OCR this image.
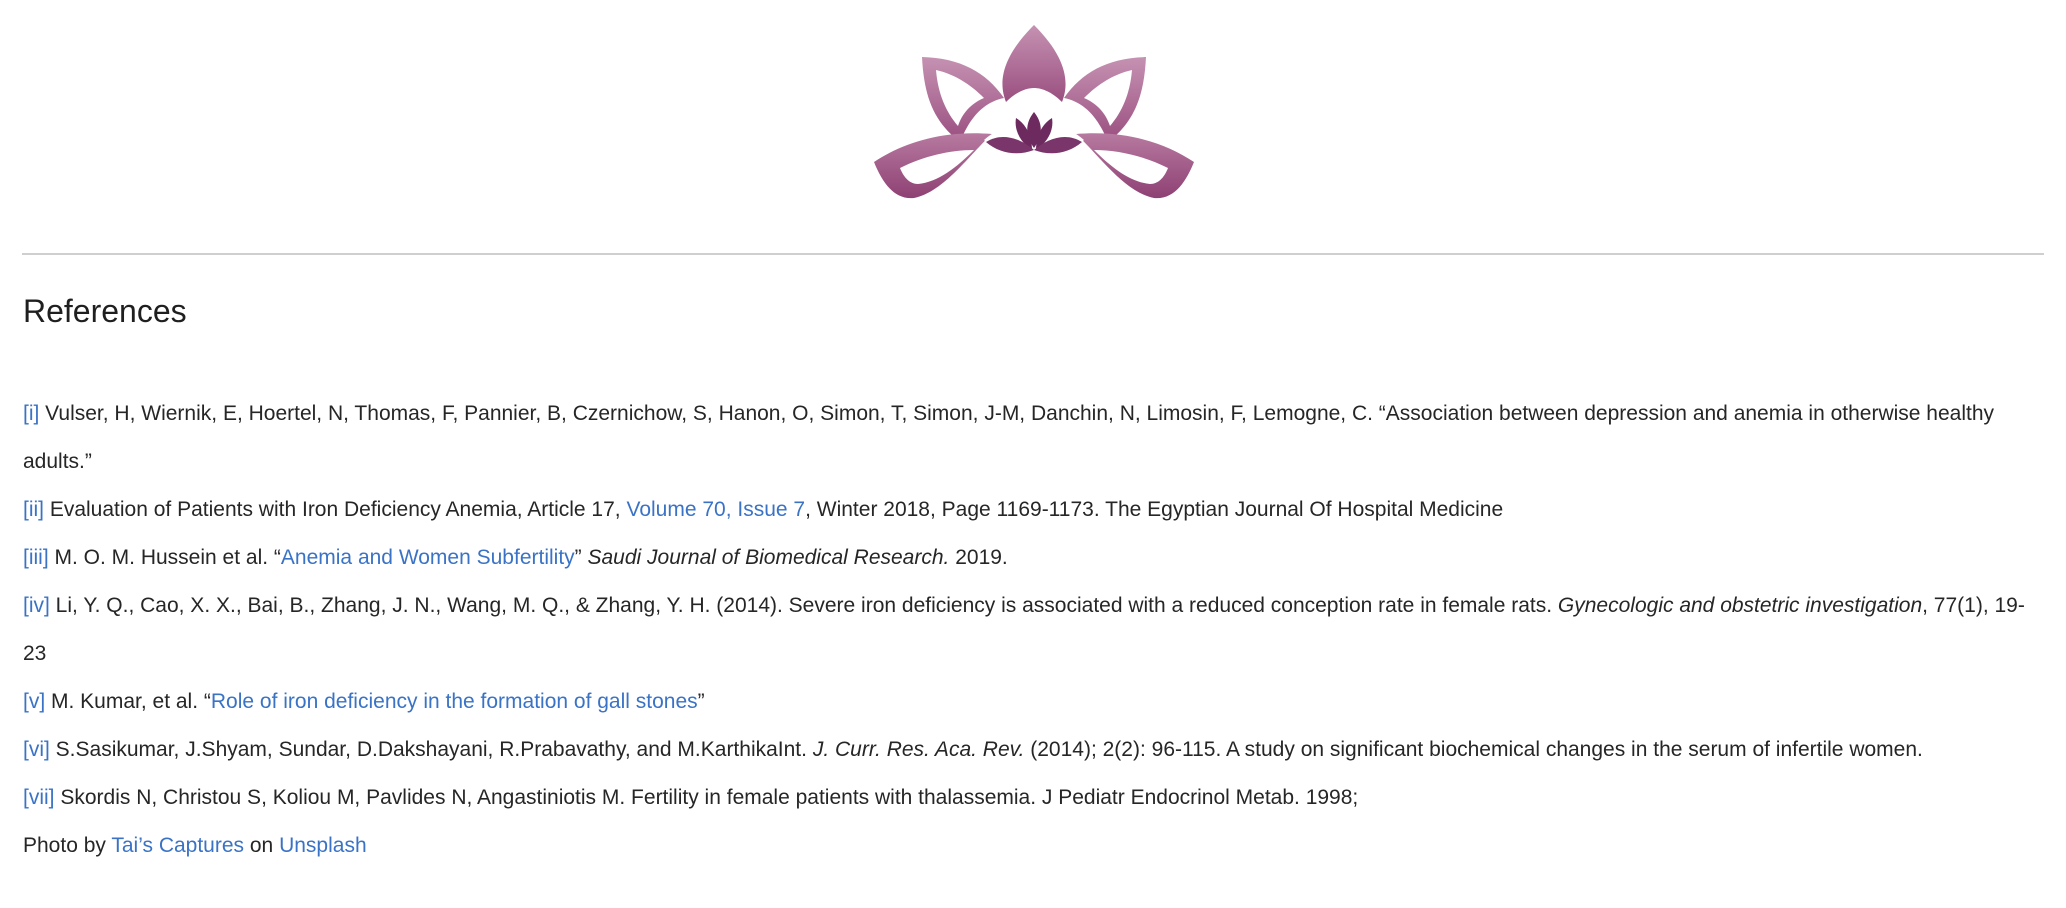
References

[i] Vulser, H, Wiernik, E, Hoertel, N, Thomas, F, Pannier, B, Czernichow, S, Hanon, O, Simon, T, Simon, J-M, Danchin, N, Limosin, F, Lemogne, C. “Association between depression and anemia in otherwise healthy adults.”

[ii] Evaluation of Patients with Iron Deficiency Anemia, Article 17, Volume 70, Issue 7, Winter 2018, Page 1169-1173. The Egyptian Journal Of Hospital Medicine

[iii] M. O. M. Hussein et al. “Anemia and Women Subfertility” Saudi Journal of Biomedical Research. 2019.

[iv] Li, Y. Q., Cao, X. X., Bai, B., Zhang, J. N., Wang, M. Q., & Zhang, Y. H. (2014). Severe iron deficiency is associated with a reduced conception rate in female rats. Gynecologic and obstetric investigation, 77(1), 19-23

[v] M. Kumar, et al. “Role of iron deficiency in the formation of gall stones”

[vi] S.Sasikumar, J.Shyam, Sundar, D.Dakshayani, R.Prabavathy, and M.KarthikaInt. J. Curr. Res. Aca. Rev. (2014); 2(2): 96-115. A study on significant biochemical changes in the serum of infertile women.

[vii] Skordis N, Christou S, Koliou M, Pavlides N, Angastiniotis M. Fertility in female patients with thalassemia. J Pediatr Endocrinol Metab. 1998;

Photo by Tai’s Captures on Unsplash
